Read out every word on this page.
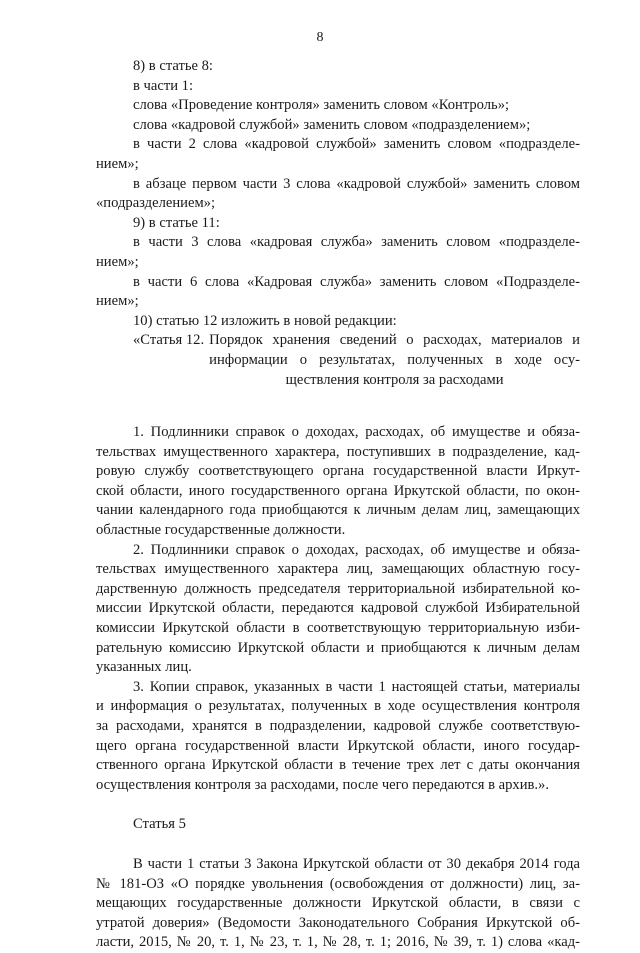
8
8) в статье 8:
в части 1:
слова «Проведение контроля» заменить словом «Контроль»;
слова «кадровой службой» заменить словом «подразделением»;
в части 2 слова «кадровой службой» заменить словом «подразделе-
нием»;
в абзаце первом части 3 слова «кадровой службой» заменить словом
«подразделением»;
9) в статье 11:
в части 3 слова «кадровая служба» заменить словом «подразделе-
нием»;
в части 6 слова «Кадровая служба» заменить словом «Подразделе-
нием»;
10) статью 12 изложить в новой редакции:
«Статья 12. Порядок хранения сведений о расходах, материалов и
информации о результатах, полученных в ходе осу-
ществления контроля за расходами
1. Подлинники справок о доходах, расходах, об имуществе и обяза-
тельствах имущественного характера, поступивших в подразделение, кад-
ровую службу соответствующего органа государственной власти Иркут-
ской области, иного государственного органа Иркутской области, по окон-
чании календарного года приобщаются к личным делам лиц, замещающих
областные государственные должности.
2. Подлинники справок о доходах, расходах, об имуществе и обяза-
тельствах имущественного характера лиц, замещающих областную госу-
дарственную должность председателя территориальной избирательной ко-
миссии Иркутской области, передаются кадровой службой Избирательной
комиссии Иркутской области в соответствующую территориальную изби-
рательную комиссию Иркутской области и приобщаются к личным делам
указанных лиц.
3. Копии справок, указанных в части 1 настоящей статьи, материалы
и информация о результатах, полученных в ходе осуществления контроля
за расходами, хранятся в подразделении, кадровой службе соответствую-
щего органа государственной власти Иркутской области, иного государ-
ственного органа Иркутской области в течение трех лет с даты окончания
осуществления контроля за расходами, после чего передаются в архив.».
Статья 5
В части 1 статьи 3 Закона Иркутской области от 30 декабря 2014 года
№ 181-ОЗ «О порядке увольнения (освобождения от должности) лиц, за-
мещающих государственные должности Иркутской области, в связи с
утратой доверия» (Ведомости Законодательного Собрания Иркутской об-
ласти, 2015, № 20, т. 1, № 23, т. 1, № 28, т. 1; 2016, № 39, т. 1) слова «кад-
